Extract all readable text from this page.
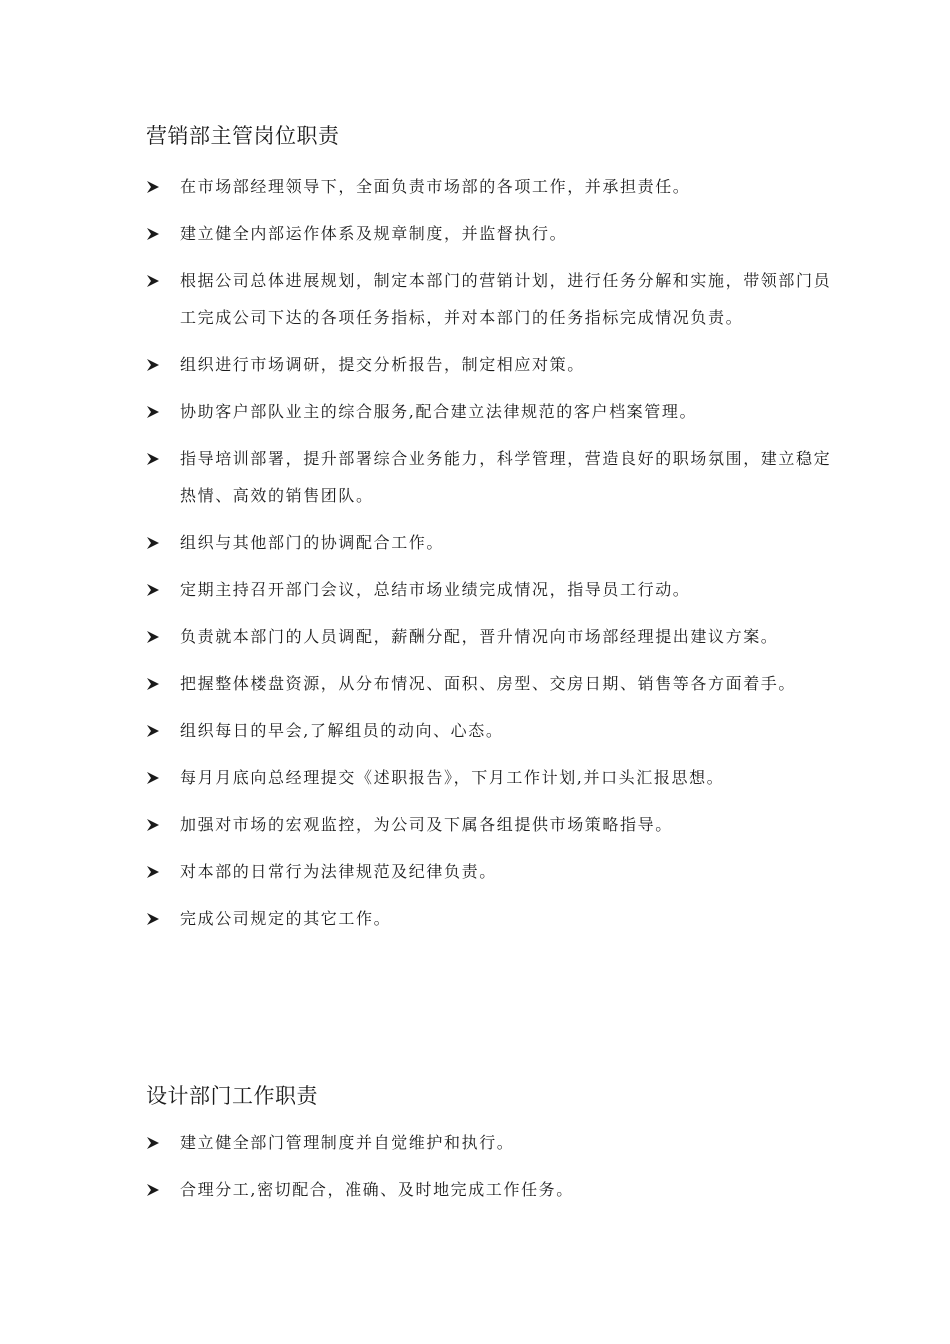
营销部主管岗位职责
在市场部经理领导下，全面负责市场部的各项工作，并承担责任。
建立健全内部运作体系及规章制度，并监督执行。
根据公司总体进展规划，制定本部门的营销计划，进行任务分解和实施，带领部门员工完成公司下达的各项任务指标，并对本部门的任务指标完成情况负责。
组织进行市场调研，提交分析报告，制定相应对策。
协助客户部队业主的综合服务,配合建立法律规范的客户档案管理。
指导培训部署，提升部署综合业务能力，科学管理，营造良好的职场氛围，建立稳定热情、高效的销售团队。
组织与其他部门的协调配合工作。
定期主持召开部门会议，总结市场业绩完成情况，指导员工行动。
负责就本部门的人员调配，薪酬分配，晋升情况向市场部经理提出建议方案。
把握整体楼盘资源，从分布情况、面积、房型、交房日期、销售等各方面着手。
组织每日的早会,了解组员的动向、心态。
每月月底向总经理提交《述职报告》，下月工作计划,并口头汇报思想。
加强对市场的宏观监控，为公司及下属各组提供市场策略指导。
对本部的日常行为法律规范及纪律负责。
完成公司规定的其它工作。
设计部门工作职责
建立健全部门管理制度并自觉维护和执行。
合理分工,密切配合，准确、及时地完成工作任务。
